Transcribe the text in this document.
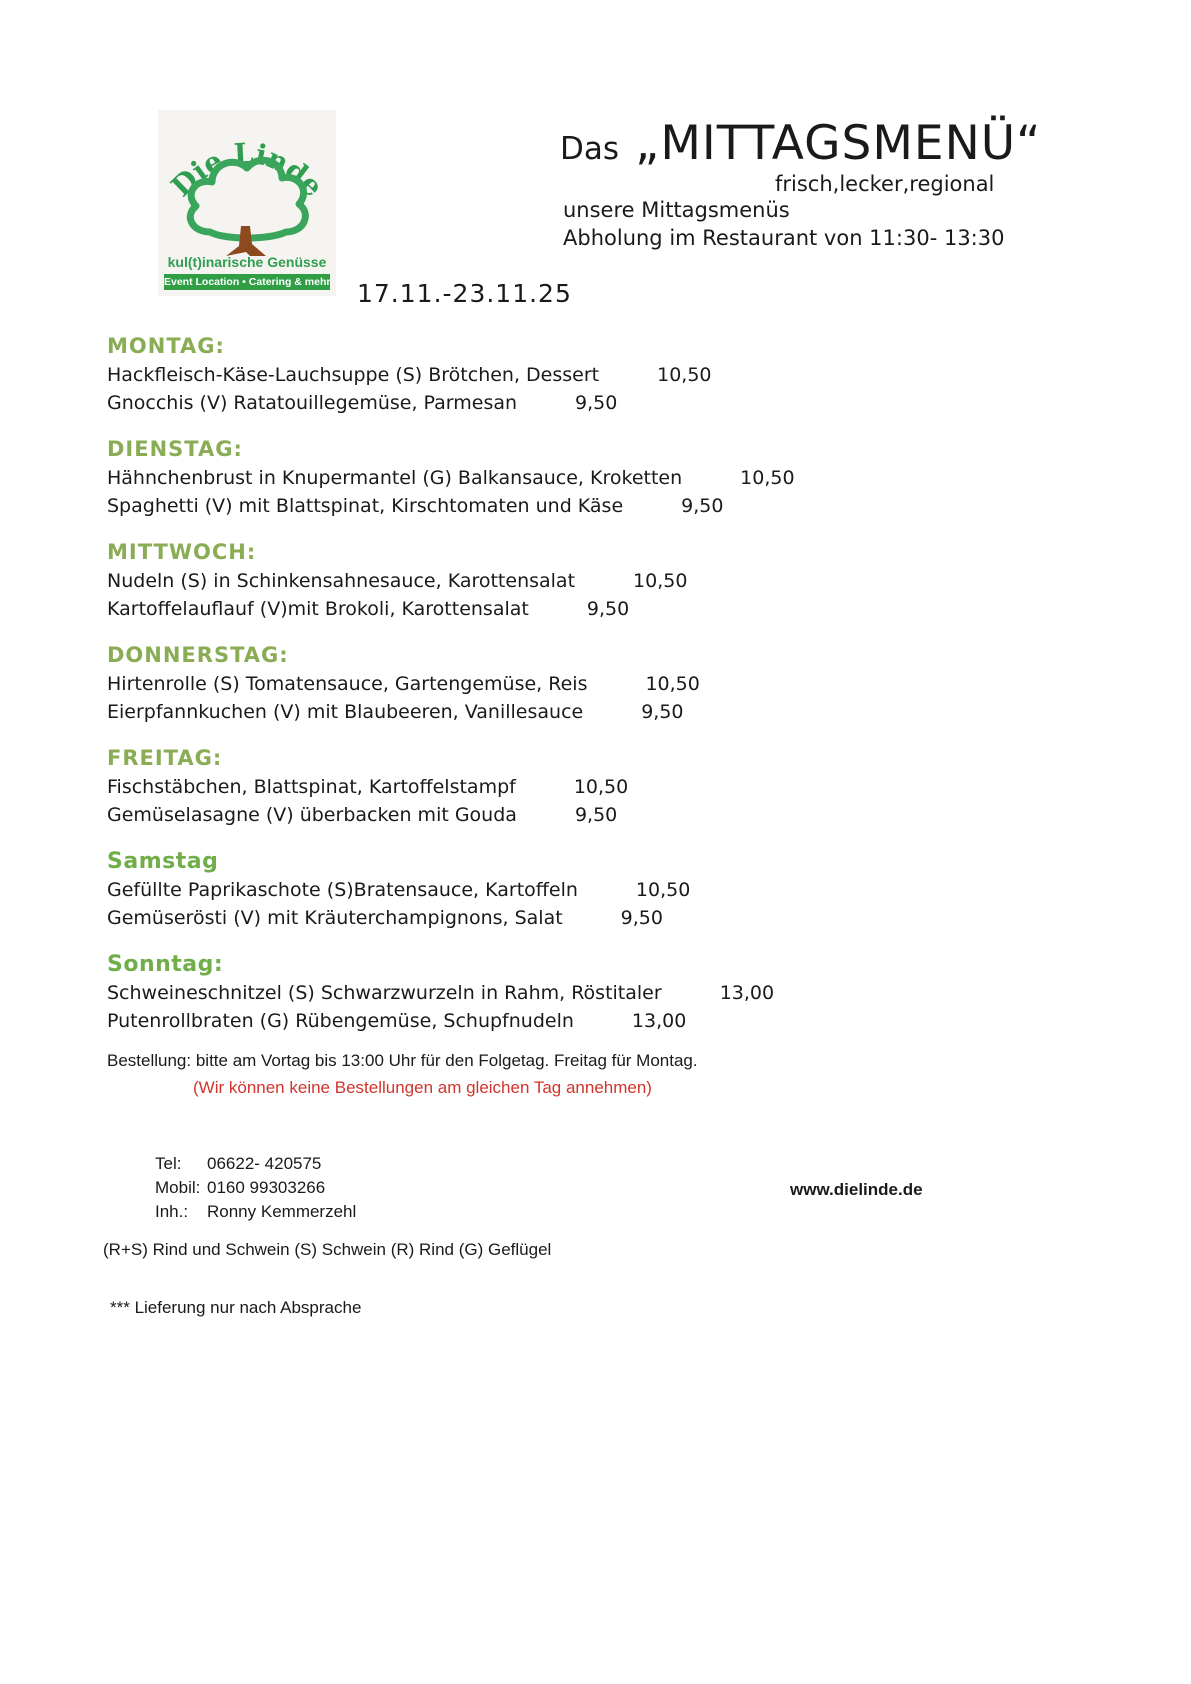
Die Linde
kul(t)inarische Genüsse
Event Location • Catering & mehr
Das „MITTAGSMENÜ“
frisch,lecker,regional
unsere Mittagsmenüs
Abholung im Restaurant von 11:30- 13:30
17.11.-23.11.25
MONTAG:
Hackfleisch-Käse-Lauchsuppe (S) Brötchen, Dessert	10,50
Gnocchis (V) Ratatouillegemüse, Parmesan	9,50
DIENSTAG:
Hähnchenbrust in Knupermantel (G) Balkansauce, Kroketten	10,50
Spaghetti (V) mit Blattspinat, Kirschtomaten und Käse	9,50
MITTWOCH:
Nudeln (S) in Schinkensahnesauce, Karottensalat	10,50
Kartoffelauflauf (V)mit Brokoli, Karottensalat	9,50
DONNERSTAG:
Hirtenrolle (S) Tomatensauce, Gartengemüse, Reis	10,50
Eierpfannkuchen (V) mit Blaubeeren, Vanillesauce	9,50
FREITAG:
Fischstäbchen, Blattspinat, Kartoffelstampf	10,50
Gemüselasagne (V) überbacken mit Gouda	9,50
Samstag
Gefüllte Paprikaschote (S)Bratensauce, Kartoffeln	10,50
Gemüserösti (V) mit Kräuterchampignons, Salat	9,50
Sonntag:
Schweineschnitzel (S) Schwarzwurzeln in Rahm, Röstitaler	13,00
Putenrollbraten (G) Rübengemüse, Schupfnudeln	13,00
Bestellung: bitte am Vortag bis 13:00 Uhr für den Folgetag. Freitag für Montag.
(Wir können keine Bestellungen am gleichen Tag annehmen)
Tel: 06622- 420575
Mobil: 0160 99303266
Inh.: Ronny Kemmerzehl
www.dielinde.de
(R+S) Rind und Schwein (S) Schwein (R) Rind (G) Geflügel
*** Lieferung nur nach Absprache
